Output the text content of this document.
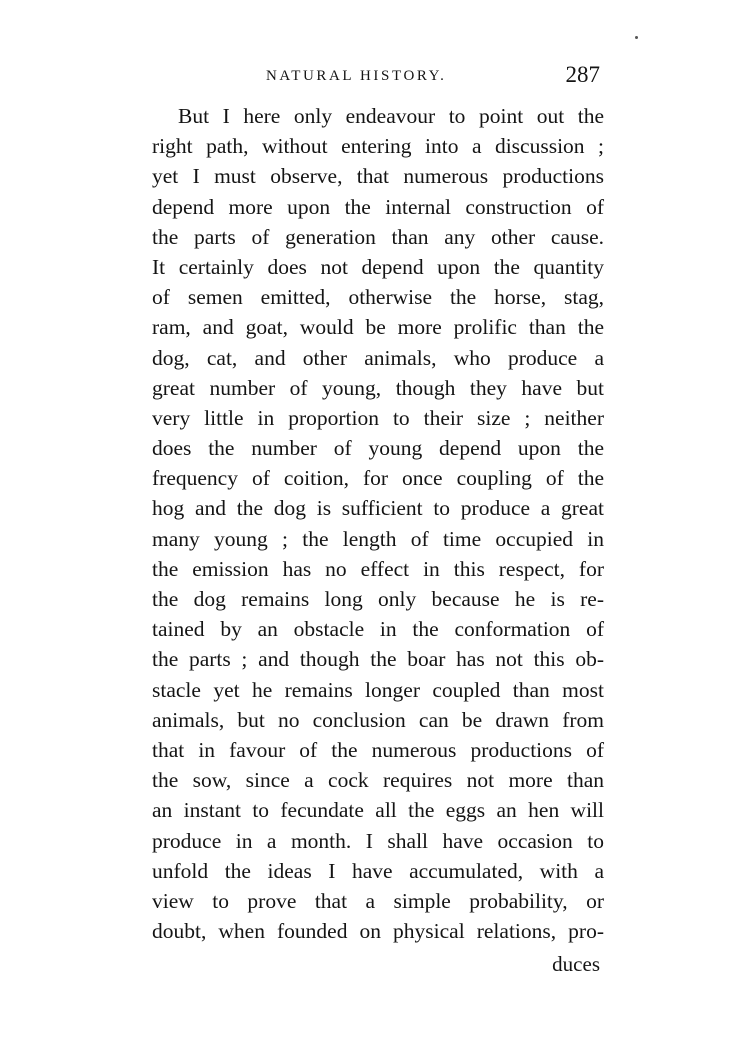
NATURAL HISTORY.	287
But I here only endeavour to point out the
right path, without entering into a discussion ;
yet I must observe, that numerous productions
depend more upon the internal construction of
the parts of generation than any other cause.
It certainly does not depend upon the quantity
of semen emitted, otherwise the horse, stag,
ram, and goat, would be more prolific than the
dog, cat, and other animals, who produce a
great number of young, though they have but
very little in proportion to their size ; neither
does the number of young depend upon the
frequency of coition, for once coupling of the
hog and the dog is sufficient to produce a great
many young ; the length of time occupied in
the emission has no effect in this respect, for
the dog remains long only because he is re-
tained by an obstacle in the conformation of
the parts ; and though the boar has not this ob-
stacle yet he remains longer coupled than most
animals, but no conclusion can be drawn from
that in favour of the numerous productions of
the sow, since a cock requires not more than
an instant to fecundate all the eggs an hen will
produce in a month. I shall have occasion to
unfold the ideas I have accumulated, with a
view to prove that a simple probability, or
doubt, when founded on physical relations, pro-
duces
